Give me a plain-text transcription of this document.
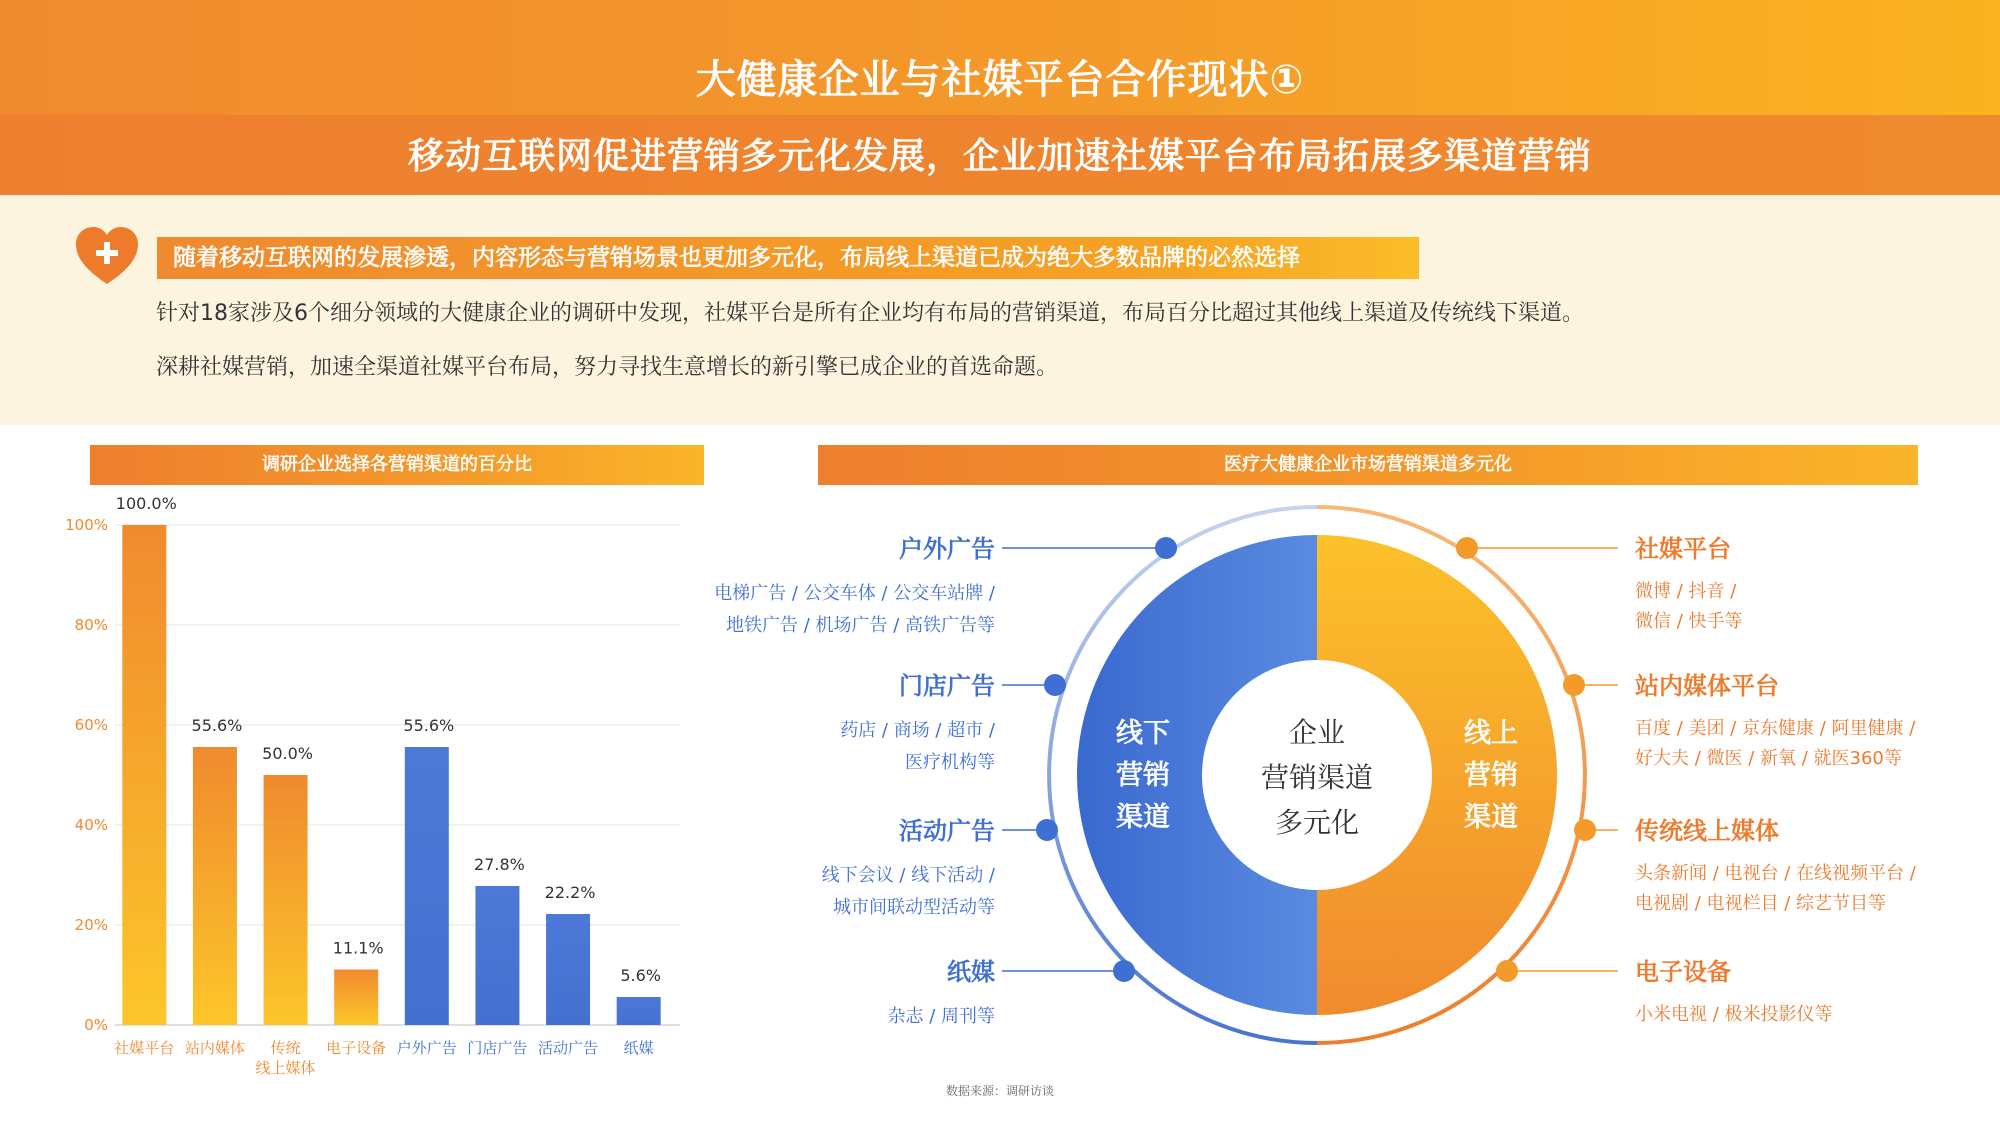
大健康企业与社媒平台合作现状①
移动互联网促进营销多元化发展，企业加速社媒平台布局拓展多渠道营销
随着移动互联网的发展渗透，内容形态与营销场景也更加多元化，布局线上渠道已成为绝大多数品牌的必然选择
针对18家涉及6个细分领域的大健康企业的调研中发现，社媒平台是所有企业均有布局的营销渠道，布局百分比超过其他线上渠道及传统线下渠道。
深耕社媒营销，加速全渠道社媒平台布局，努力寻找生意增长的新引擎已成企业的首选命题。
调研企业选择各营销渠道的百分比	医疗大健康企业市场营销渠道多元化
0%
20%
40%
60%
80%
100%
100.0%
社媒平台
55.6%
站内媒体
50.0%
传统
线上媒体
11.1%
电子设备
55.6%
户外广告
27.8%
门店广告
22.2%
活动广告
5.6%
纸媒
企业
营销渠道
多元化
线下
营销
渠道
线上
营销
渠道
户外广告
电梯广告 / 公交车体 / 公交车站牌 /
地铁广告 / 机场广告 / 高铁广告等
门店广告
药店 / 商场 / 超市 /
医疗机构等
活动广告
线下会议 / 线下活动 /
城市间联动型活动等
纸媒
杂志 / 周刊等
社媒平台
微博 / 抖音 /
微信 / 快手等
站内媒体平台
百度 / 美团 / 京东健康 / 阿里健康 /
好大夫 / 微医 / 新氧 / 就医360等
传统线上媒体
头条新闻 / 电视台 / 在线视频平台 /
电视剧 / 电视栏目 / 综艺节目等
电子设备
小米电视 / 极米投影仪等
数据来源：调研访谈
